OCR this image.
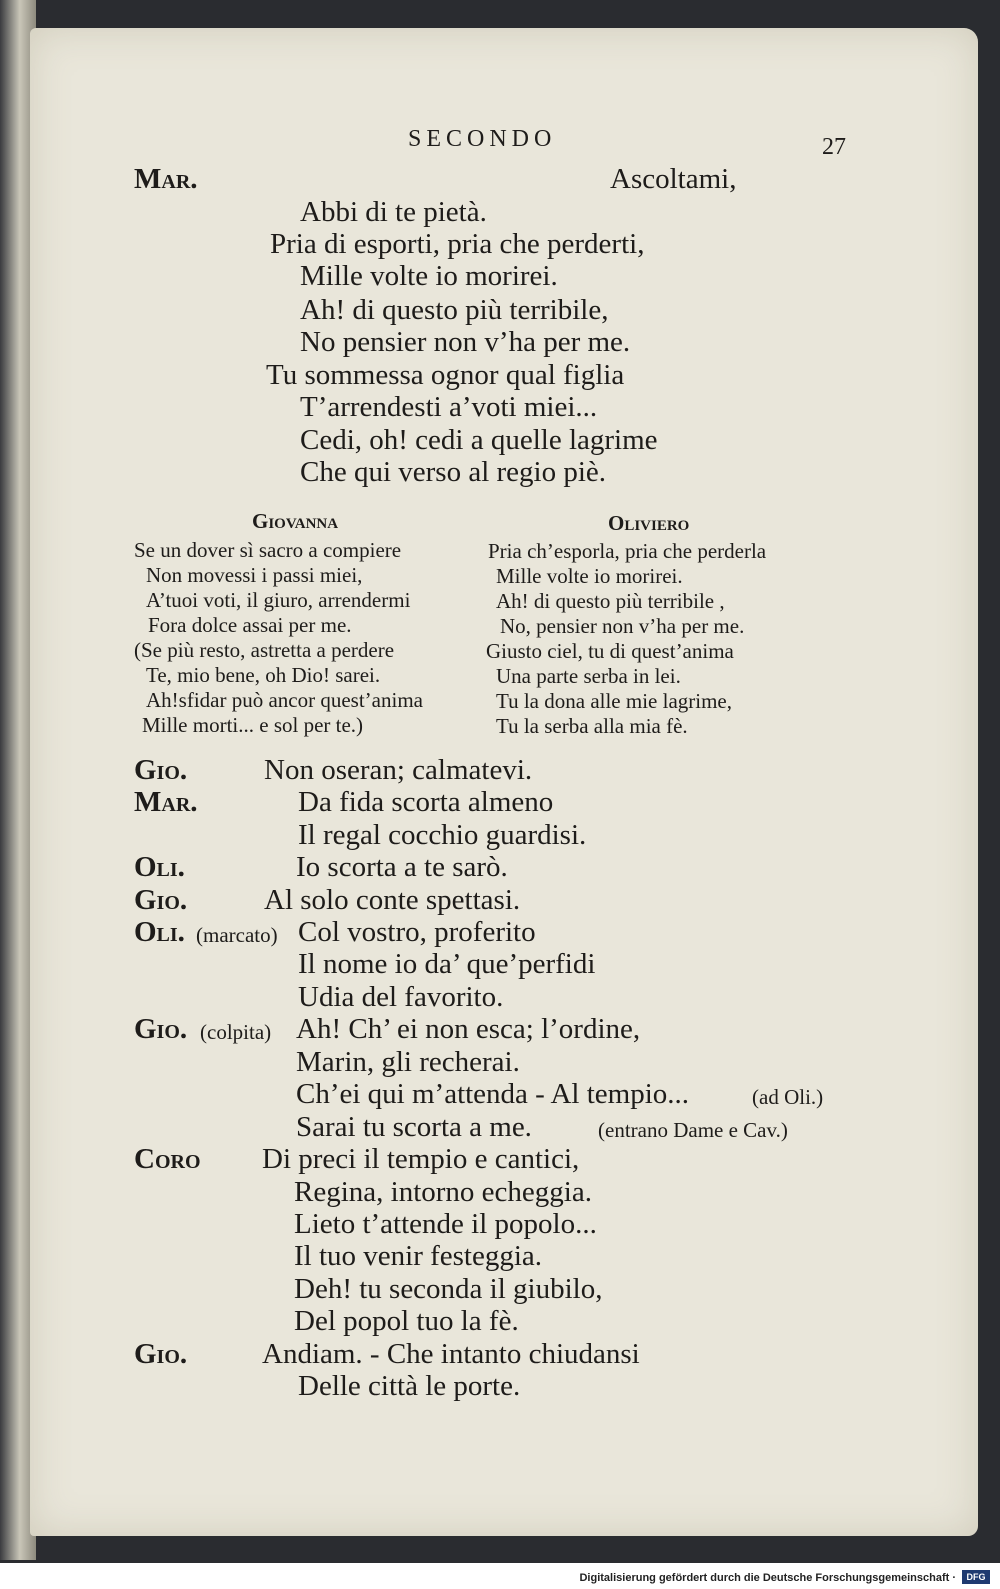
SECONDO	27
Mar.	Ascoltami,
Abbi di te pietà.
Pria di esporti, pria che perderti,
Mille volte io morirei.
Ah! di questo più terribile,
No pensier non v’ha per me.
Tu sommessa ognor qual figlia
T’arrendesti a’voti miei...
Cedi, oh! cedi a quelle lagrime
Che qui verso al regio piè.
Giovanna	Oliviero
Se un dover sì sacro a compiere
Non movessi i passi miei,
A’tuoi voti, il giuro, arrendermi
Fora dolce assai per me.
(Se più resto, astretta a perdere
Te, mio bene, oh Dio! sarei.
Ah!sfidar può ancor quest’anima
Mille morti... e sol per te.)
Pria ch’esporla, pria che perderla
Mille volte io morirei.
Ah! di questo più terribile ,
No, pensier non v’ha per me.
Giusto ciel, tu di quest’anima
Una parte serba in lei.
Tu la dona alle mie lagrime,
Tu la serba alla mia fè.
Gio.	Non oseran; calmatevi.
Mar.	Da fida scorta almeno
Il regal cocchio guardisi.
Oli.	Io scorta a te sarò.
Gio.	Al solo conte spettasi.
Oli. (marcato) Col vostro, proferito
Il nome io da’ que’perfidi
Udia del favorito.
Gio. (colpita) Ah! Ch’ ei non esca; l’ordine,
Marin, gli recherai.
Ch’ei qui m’attenda - Al tempio...	(ad Oli.)
Sarai tu scorta a me.	(entrano Dame e Cav.)
Coro Di preci il tempio e cantici,
Regina, intorno echeggia.
Lieto t’attende il popolo...
Il tuo venir festeggia.
Deh! tu seconda il giubilo,
Del popol tuo la fè.
Gio.	Andiam. - Che intanto chiudansi
Delle città le porte.
Digitalisierung gefördert durch die Deutsche Forschungsgemeinschaft ·	DFG
